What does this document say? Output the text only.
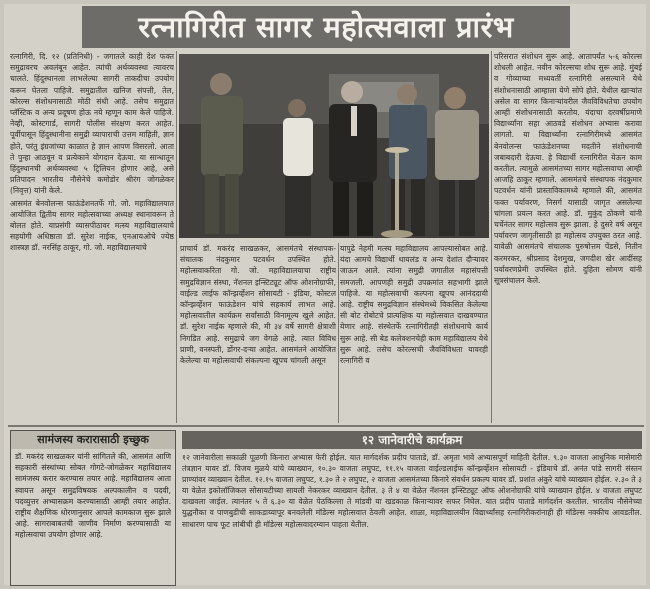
रत्नागिरीत सागर महोत्सवाला प्रारंभ

रत्नागिरी, दि. १२ (प्रतिनिधी) - जगातले काही देश फक्त समुद्रावरच अवलंबून आहेत. त्यांची अर्थव्यवस्था त्यावरच चालते. हिंदुस्थानला लाभलेल्या सागरी ताकदीचा उपयोग करून घेतला पाहिजे. समुद्रातील खनिज संपत्ती, तेल, कोरल्स संशोधनासाठी मोठी संधी आहे. तसेच समुद्रात प्लॅस्टिक व अन्य प्रदूषण होऊ नये म्हणून काम केले पाहिजे. नेव्ही, कोस्टगार्ड, सागरी पोलीस संरक्षण करत आहेत. पूर्वीपासून हिंदुस्थानीना समुद्री व्यापाराची उत्तम माहिती, ज्ञान होते, परंतु इंग्रजांच्या काळात हे ज्ञान आपण विसरलो. आता ते पुन्हा आठवून व प्रत्येकाने योगदान देऊया. या सान्धातून हिंदुस्थानची अर्थव्यवस्था ५ ट्रिलियन होणार आहे, असे प्रतिपादन भारतीय नौसेनेचे कमोडोर श्रीरंग जोगळेकर (निवृत्त) यांनी केले.

आसमंत बेनवोलन्स फाऊंडेशनतर्फे गो. जो. महाविद्यालयात आयोजित द्वितीय सागर महोत्सवाच्या अध्यक्ष स्थानावरून ते बोलत होते. याप्रसंगी व्यासपीठावर मत्स्य महाविद्यालयाचे सहयोगी अधिष्ठाता डॉ. सुरेश नाईक, एनआयओचे ज्येष्ठ शास्त्रज्ञ डॉ. नरसिंह ठाकूर, गो. जो. महाविद्यालयाचे	प्राचार्य डॉ. मकरंद साखळकर, आसमंतचे संस्थापक-संचालक नंदकुमार पटवर्धन उपस्थित होते. महोत्सवाकरिता गो. जो. महाविद्यालयाचा राष्ट्रीय समुद्रविज्ञान संस्था, नॅशनल इन्स्टिट्यूट ऑफ ओशनोग्राफी, वाईल्ड लाईफ कॉन्झर्व्हेशन सोसायटी - इंडिया, कोस्टल कॉन्झर्व्हेशन फाऊंडेशन यांचे सहकार्य लाभत आहे. महोत्सवातील कार्यक्रम सर्वांसाठी विनामूल्य खुले आहेत. डॉ. सुरेश नाईक म्हणाले की, मी ३४ वर्षे सागरी क्षेत्राशी निगडित आहे. समुद्राचे जग वेगळे आहे. त्यात विविध प्राणी, वनस्पती, डोंगर-दऱ्या आहेत. आसमंतने आयोजित केलेल्या या महोत्सवाची संकल्पना खूपच चांगली असून

यापुढे नेहमी मत्स्य महाविद्यालय आपल्यासोबत आहे. यंदा आमचे विद्यार्थी थायलंड व अन्य देशांत दौऱ्यावर जाऊन आले. त्यांना समुद्री जगातील महासंपत्ती समजली. आपणही समुद्री उपक्रमांत सहभागी झाले पाहिजे. या महोत्सवाची कल्पना खूपच आनंददायी आहे. राष्ट्रीय समुद्रविज्ञान संस्थेमध्ये विकसित केलेल्या सी बोट रोबोटचे प्रात्यक्षिक या महोत्सवात दाखवण्यात येणार आहे. संस्थेतर्फे रत्नागिरीतही संशोधनाचे कार्य सुरू आहे. सी बेड कलेक्शनचेही काम महाविद्यालय येथे सुरू आहे. तसेच कोरल्सची जैवविविधता यावरही रत्नागिरी व

परिसरात संशोधन सुरू आहे. आतापर्यंत ५-६ कोरल्स शोधली आहेत. नवीन कोरल्सचा शोध सुरू आहे. मुंबई व गोव्याच्या मध्यवर्ती रत्नागिरी असल्याने येथे संशोधनासाठी आम्हाला येणे सोपे होते. येथील खाऱ्यांत असेल वा सागर किनाऱ्यांवरील जैवविविधतेचा उपयोग आम्ही संशोधनासाठी करतोय. यंदाचा दरवर्षीप्रमाणे विद्यार्थ्यांना सहा आठवडे संशोधन अभ्यास करावा लागतो. या विद्यार्थ्यांना रत्नागिरीमध्ये आसमंत बेनवोलन्स फाऊंडेशनच्या मदतीने संशोधनाची जबाबदारी देऊया. हे विद्यार्थी रत्नागिरीत येऊन काम करतील. त्यामुळे आसमंतच्या सागर महोत्सवाचा आम्ही आजहि ठाकूर म्हणाले. आसमंतचे संस्थापक नंदकुमार पटवर्धन यांनी प्रास्ताविकामध्ये म्हणाले की, आसमंत फक्त पर्यावरण, निसर्ग यासाठी जागृत असलेल्या चांगला प्रयत्न करत आहे. डॉ. मुकुंद ठोकणे यांनी चर्चेनंतर सागर महोत्सव सुरू झाला. हे दुसरे वर्ष असून पर्यावरण जागृतीसाठी हा महोत्सव उपयुक्त ठरत आहे. यावेळी आसमंतचे संचालक पुरुषोत्तम पेंडसे, नितीन करमरकर, श्रीप्रसाद देशमुख, जगदीश खेर आदींसह पर्यावरणप्रेमी उपस्थित होते. दुहिता सोमण यांनी सूत्रसंचालन केले.

सामंजस्य करारासाठी इच्छुक
डॉ. मकरंद साखळकर यांनी सांगितले की, आसमंत आणि सहकारी संस्थांच्या सोबत गोगटे-जोगळेकर महाविद्यालय सामंजस्य करार करण्यास तयार आहे. महाविद्यालय आता स्वायत्त असून समुद्रविषयक अल्पकालीन व पदवी, पदव्युत्तर अभ्यासक्रम करण्यासाठी आम्ही तयार आहोत. राष्ट्रीय शैक्षणिक धोरणानुसार आपले कामकाज सुरू झाले आहे. सागराबाबतची जाणीव निर्माण करण्यासाठी या महोत्सवाचा उपयोग होणार आहे.
१२ जानेवारीचे कार्यक्रम
१२ जानेवारीला सकाळी पूळणी किनारा अभ्यास फेरी होईल. यात मार्गदर्शक प्रदीप पाताडे, डॉ. अमृता भावे अभ्यासपूर्ण माहिती देतील. ९.३० वाजता आधुनिक मासेमारी तंत्रज्ञान यावर डॉ. विजय मुळये यांचे व्याख्यान, १०.३० वाजता लघुपट, ११.१५ वाजता वाईल्डलाईफ कॉन्झर्व्हेशन सोसायटी - इंडियाचे डॉ. अनंत पांडे सागरी संस्तन प्राण्यांवर व्याख्यान देतील. १२.१५ वाजता लघुपट, १.३० ते २ लघुपट, २ वाजता आसमंतच्या किनारे संवर्धन प्रकल्प यावर डॉ. प्रशांत अंकुरे यांचे व्याख्यान होईल. २.३० ते ३ या वेळेत इकोलॉजिकल सोसायटीच्या सायली नेकरकर व्याख्यान देतील. ३ ते ४ या वेळेत नॅशनल इन्स्टिट्यूट ऑफ ओशनोग्राफी यांचे व्याख्यान होईल. ४ वाजता लघुपट दाखवला जाईल. त्यानंतर ५ ते ६.३० या वेळेत पेठकिल्ला ते मांडवी या खडकाळ किनाऱ्यावर सफर निघेल. यात प्रदीप पाताडे मार्गदर्शन करतील. भारतीय नौसेनेच्या युद्धनौका व पाणबुडीची साकडाय्यापूर बनवलेली मॉडेल्स महोत्सवात ठेवली आहेत. शाळा, महाविद्यालयीन विद्यार्थ्यांसह रत्नागिरीकरांनाही ही मॉडेल्स नक्कीच आवडतील. साधारण पाच फूट लांबीची ही मॉडेल्स महोत्सवादरम्यान पाहता येतील.
